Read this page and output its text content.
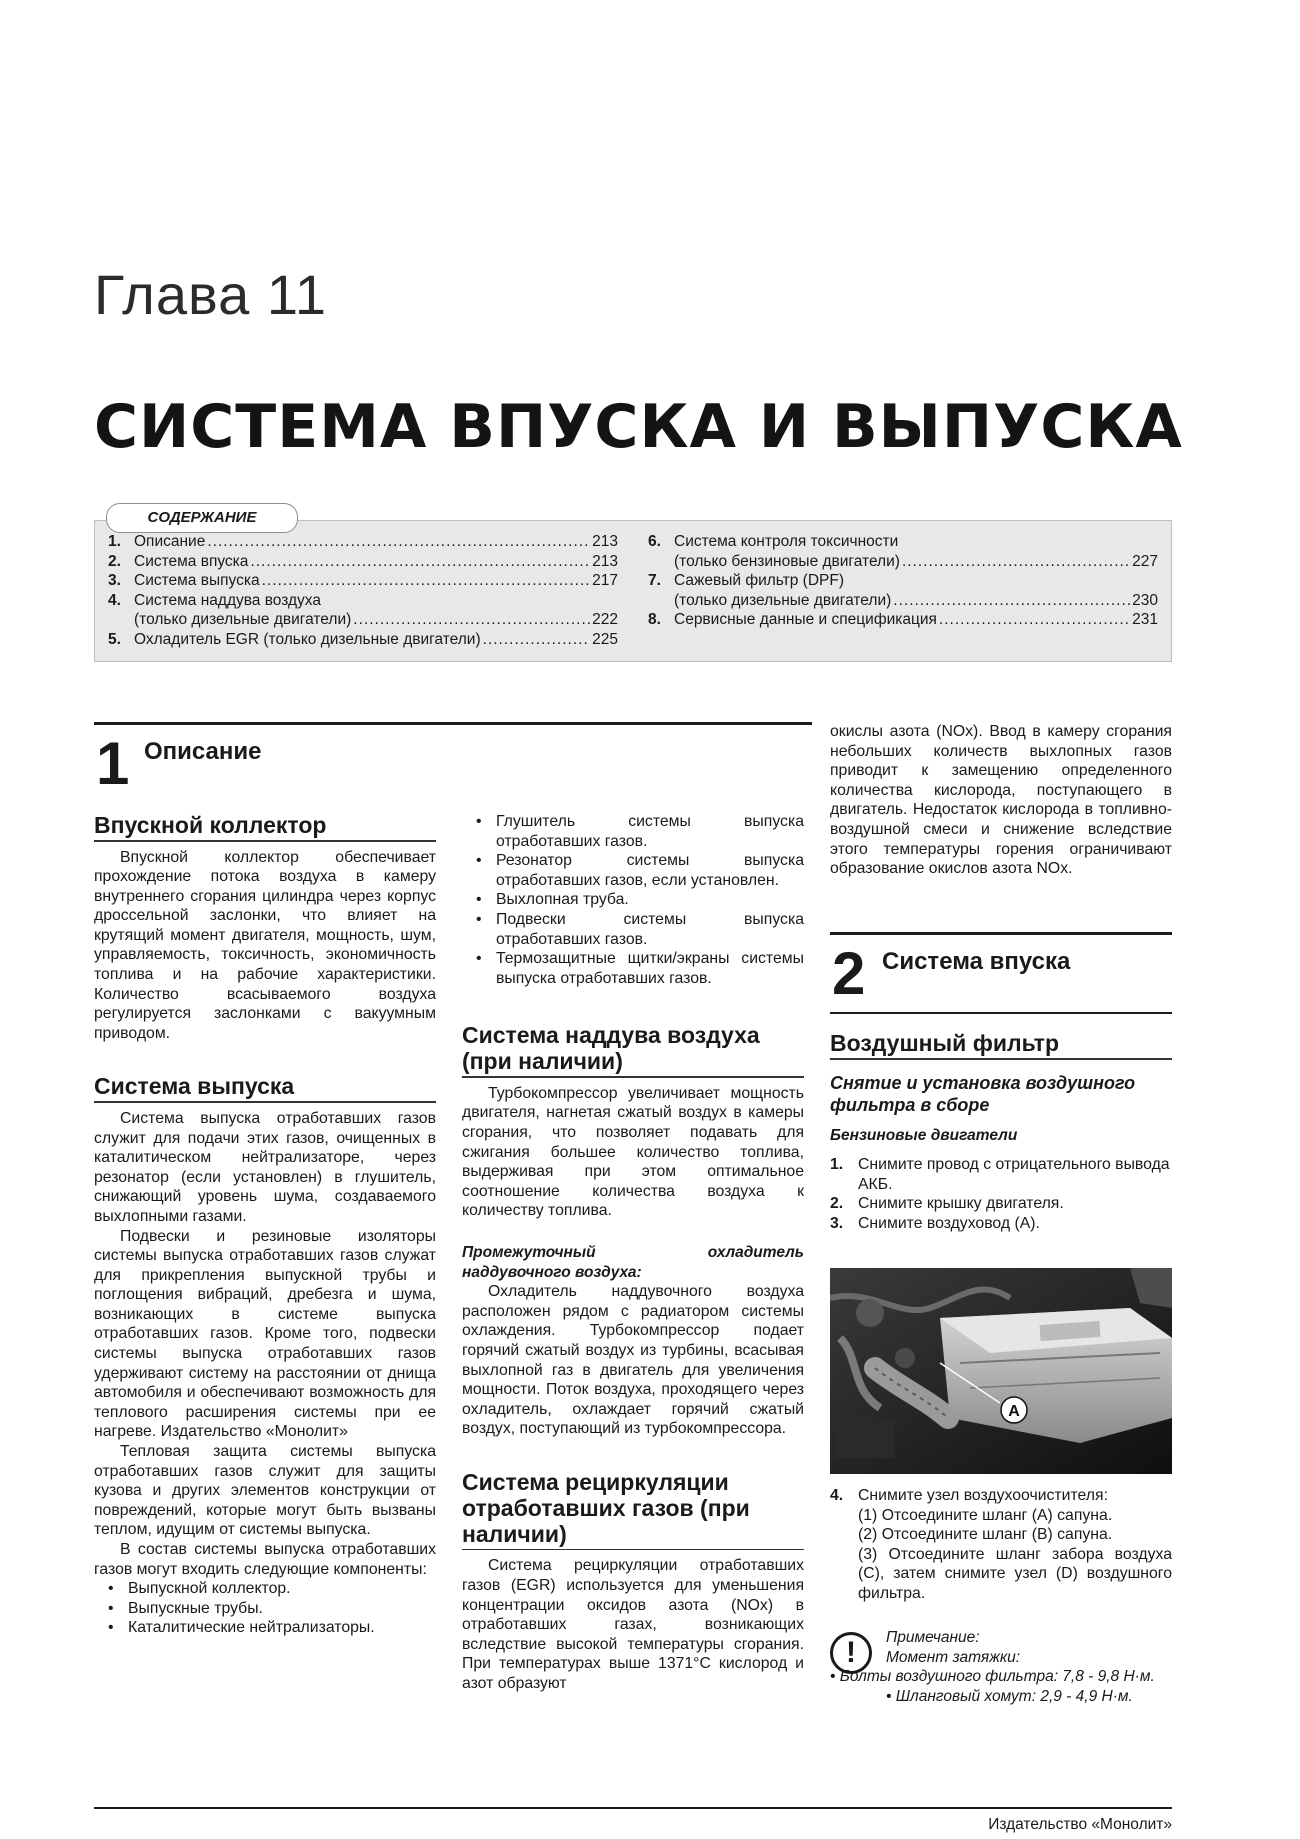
Глава 11
СИСТЕМА ВПУСКА И ВЫПУСКА
СОДЕРЖАНИЕ
1. Описание .....	213
2. Система впуска .....	213
3. Система выпуска .....	217
4. Система наддува воздуха
(только дизельные двигатели) .....	222
5. Охладитель EGR (только дизельные двигатели) .....	225
6. Система контроля токсичности
(только бензиновые двигатели) .....	227
7. Сажевый фильтр (DPF)
(только дизельные двигатели) .....	230
8. Сервисные данные и спецификация .....	231
1 Описание
Впускной коллектор

Впускной коллектор обеспечивает прохождение потока воздуха в камеру внутреннего сгорания цилиндра через корпус дроссельной заслонки, что влияет на крутящий момент двигателя, мощность, шум, управляемость, токсичность, экономичность топлива и на рабочие характеристики. Количество всасываемого воздуха регулируется заслонками с вакуумным приводом.

Система выпуска

Система выпуска отработавших газов служит для подачи этих газов, очищенных в каталитическом нейтрализаторе, через резонатор (если установлен) в глушитель, снижающий уровень шума, создаваемого выхлопными газами.

Подвески и резиновые изоляторы системы выпуска отработавших газов служат для прикрепления выпускной трубы и поглощения вибраций, дребезга и шума, возникающих в системе выпуска отработавших газов. Кроме того, подвески системы выпуска отработавших газов удерживают систему на расстоянии от днища автомобиля и обеспечивают возможность для теплового расширения системы при ее нагреве. Издательство «Монолит»

Тепловая защита системы выпуска отработавших газов служит для защиты кузова и других элементов конструкции от повреждений, которые могут быть вызваны теплом, идущим от системы выпуска.

В состав системы выпуска отработавших газов могут входить следующие компоненты:

• Выпускной коллектор.
• Выпускные трубы.
• Каталитические нейтрализаторы.
• Глушитель системы выпуска отработавших газов.
• Резонатор системы выпуска отработавших газов, если установлен.
• Выхлопная труба.
• Подвески системы выпуска отработавших газов.
• Термозащитные щитки/экраны системы выпуска отработавших газов.
Система наддува воздуха (при наличии)

Турбокомпрессор увеличивает мощность двигателя, нагнетая сжатый воздух в камеры сгорания, что позволяет подавать для сжигания большее количество топлива, выдерживая при этом оптимальное соотношение количества воздуха к количеству топлива.

Промежуточный охладитель наддувочного воздуха:

Охладитель наддувочного воздуха расположен рядом с радиатором системы охлаждения. Турбокомпрессор подает горячий сжатый воздух из турбины, всасывая выхлопной газ в двигатель для увеличения мощности. Поток воздуха, проходящего через охладитель, охлаждает горячий сжатый воздух, поступающий из турбокомпрессора.

Система рециркуляции отработавших газов (при наличии)

Система рециркуляции отработавших газов (EGR) используется для уменьшения концентрации оксидов азота (NOx) в отработавших газах, возникающих вследствие высокой температуры сгорания. При температурах выше 1371°С кислород и азот образуют

окислы азота (NOx). Ввод в камеру сгорания небольших количеств выхлопных газов приводит к замещению определенного количества кислорода, поступающего в двигатель. Недостаток кислорода в топливно-воздушной смеси и снижение вследствие этого температуры горения ограничивают образование окислов азота NOx.

2 Система впуска
Воздушный фильтр
Снятие и установка воздушного фильтра в сборе
Бензиновые двигатели
1. Снимите провод с отрицательного вывода АКБ.
2. Снимите крышку двигателя.
3. Снимите воздуховод (А).
A
4. Снимите узел воздухоочистителя:
(1) Отсоедините шланг (А) сапуна.
(2) Отсоедините шланг (В) сапуна.
(3) Отсоедините шланг забора воздуха (С), затем снимите узел (D) воздушного фильтра.
!	Примечание:
Момент затяжки:
• Болты воздушного фильтра: 7,8 - 9,8 Н·м.
• Шланговый хомут: 2,9 - 4,9 Н·м.
Издательство «Монолит»
